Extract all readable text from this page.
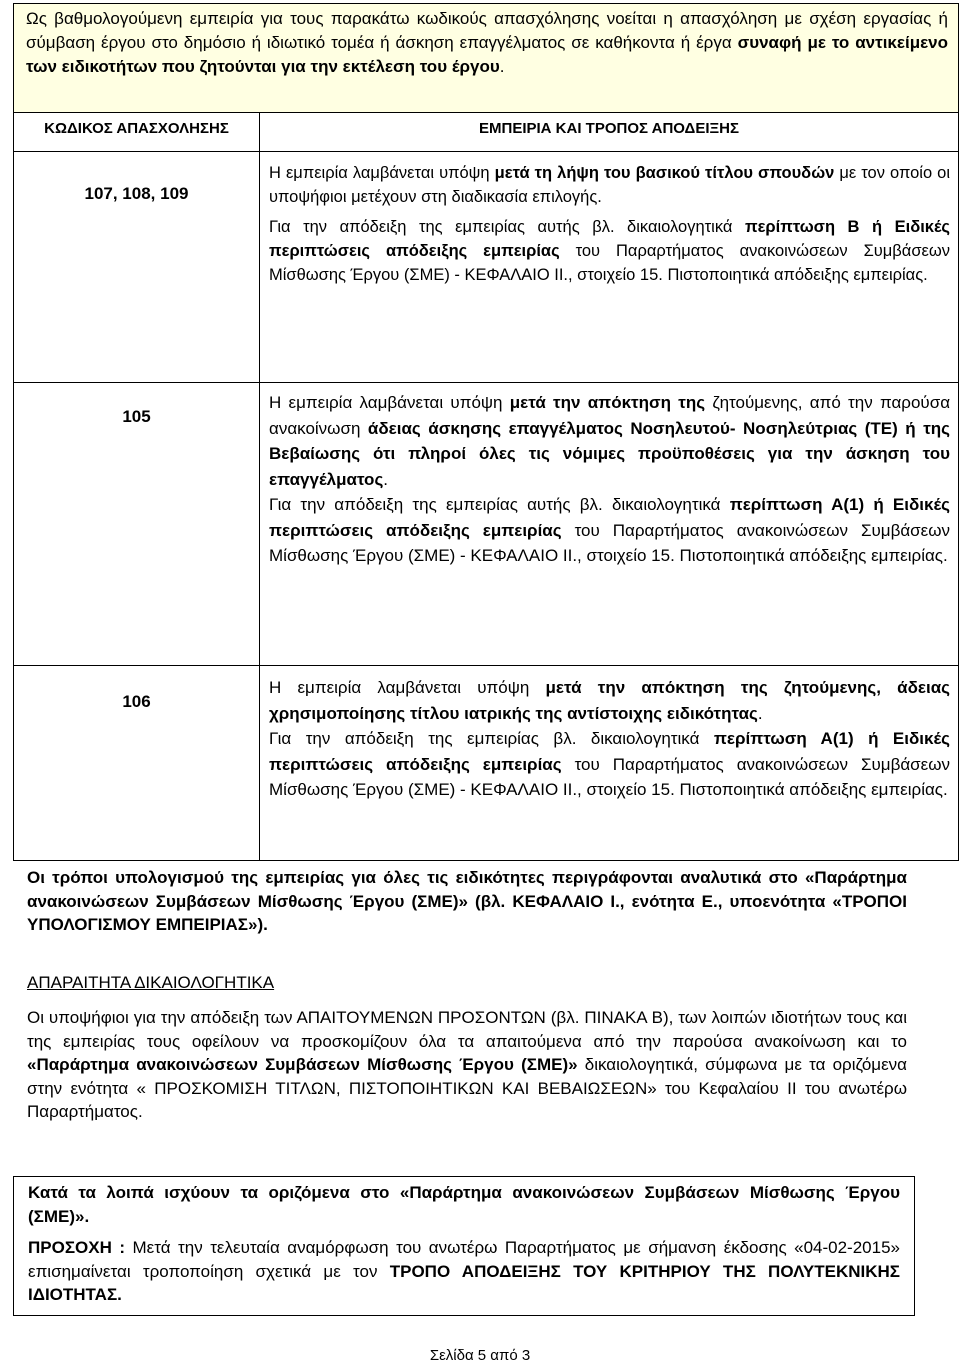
Ως βαθμολογούμενη εμπειρία για τους παρακάτω κωδικούς απασχόλησης νοείται η απασχόληση με σχέση εργασίας ή σύμβαση έργου στο δημόσιο ή ιδιωτικό τομέα ή άσκηση επαγγέλματος σε καθήκοντα ή έργα συναφή με το αντικείμενο των ειδικοτήτων που ζητούνται για την εκτέλεση του έργου.	
ΚΩΔΙΚΟΣ ΑΠΑΣΧΟΛΗΣΗΣ	ΕΜΠΕΙΡΙΑ ΚΑΙ ΤΡΟΠΟΣ ΑΠΟΔΕΙΞΗΣ
107, 108, 109	Η εμπειρία λαμβάνεται υπόψη μετά τη λήψη του βασικού τίτλου σπουδών με τον οποίο οι υποψήφιοι μετέχουν στη διαδικασία επιλογής.
Για την απόδειξη της εμπειρίας αυτής βλ. δικαιολογητικά περίπτωση Β ή Ειδικές περιπτώσεις απόδειξης εμπειρίας του Παραρτήματος ανακοινώσεων Συμβάσεων Μίσθωσης Έργου (ΣΜΕ) - ΚΕΦΑΛΑΙΟ ΙΙ., στοιχείο 15. Πιστοποιητικά απόδειξης εμπειρίας.

105	Η εμπειρία λαμβάνεται υπόψη μετά την απόκτηση της ζητούμενης, από την παρούσα ανακοίνωση άδειας άσκησης επαγγέλματος Νοσηλευτού- Νοσηλεύτριας (ΤΕ) ή της Βεβαίωσης ότι πληροί όλες τις νόμιμες προϋποθέσεις για την άσκηση του επαγγέλματος.
Για την απόδειξη της εμπειρίας αυτής βλ. δικαιολογητικά περίπτωση Α(1) ή Ειδικές περιπτώσεις απόδειξης εμπειρίας του Παραρτήματος ανακοινώσεων Συμβάσεων Μίσθωσης Έργου (ΣΜΕ) - ΚΕΦΑΛΑΙΟ ΙΙ., στοιχείο 15. Πιστοποιητικά απόδειξης εμπειρίας.

106	Η εμπειρία λαμβάνεται υπόψη μετά την απόκτηση της ζητούμενης, άδειας χρησιμοποίησης τίτλου ιατρικής της αντίστοιχης ειδικότητας.
Για την απόδειξη της εμπειρίας βλ. δικαιολογητικά περίπτωση Α(1) ή Ειδικές περιπτώσεις απόδειξης εμπειρίας του Παραρτήματος ανακοινώσεων Συμβάσεων Μίσθωσης Έργου (ΣΜΕ) - ΚΕΦΑΛΑΙΟ ΙΙ., στοιχείο 15. Πιστοποιητικά απόδειξης εμπειρίας.
Οι τρόποι υπολογισμού της εμπειρίας για όλες τις ειδικότητες περιγράφονται αναλυτικά στο «Παράρτημα ανακοινώσεων Συμβάσεων Μίσθωσης Έργου (ΣΜΕ)» (βλ. ΚΕΦΑΛΑΙΟ Ι., ενότητα Ε., υποενότητα «ΤΡΟΠΟΙ ΥΠΟΛΟΓΙΣΜΟΥ ΕΜΠΕΙΡΙΑΣ»).
ΑΠΑΡΑΙΤΗΤΑ ΔΙΚΑΙΟΛΟΓΗΤΙΚΑ
Οι υποψήφιοι για την απόδειξη των ΑΠΑΙΤΟΥΜΕΝΩΝ ΠΡΟΣΟΝΤΩΝ (βλ. ΠΙΝΑΚΑ Β), των λοιπών ιδιοτήτων τους και της εμπειρίας τους οφείλουν να προσκομίζουν όλα τα απαιτούμενα από την παρούσα ανακοίνωση και το «Παράρτημα ανακοινώσεων Συμβάσεων Μίσθωσης Έργου (ΣΜΕ)» δικαιολογητικά, σύμφωνα με τα οριζόμενα στην ενότητα « ΠΡΟΣΚΟΜΙΣΗ ΤΙΤΛΩΝ, ΠΙΣΤΟΠΟΙΗΤΙΚΩΝ ΚΑΙ ΒΕΒΑΙΩΣΕΩΝ» του Κεφαλαίου ΙΙ του ανωτέρω Παραρτήματος.
Κατά τα λοιπά ισχύουν τα οριζόμενα στο «Παράρτημα ανακοινώσεων Συμβάσεων Μίσθωσης Έργου (ΣΜΕ)».
ΠΡΟΣΟΧΗ : Μετά την τελευταία αναμόρφωση του ανωτέρω Παραρτήματος με σήμανση έκδοσης «04-02-2015» επισημαίνεται τροποποίηση σχετικά με τον ΤΡΟΠΟ ΑΠΟΔΕΙΞΗΣ ΤΟΥ ΚΡΙΤΗΡΙΟΥ ΤΗΣ ΠΟΛΥΤΕΚΝΙΚΗΣ ΙΔΙΟΤΗΤΑΣ.
Σελίδα 5 από 3
